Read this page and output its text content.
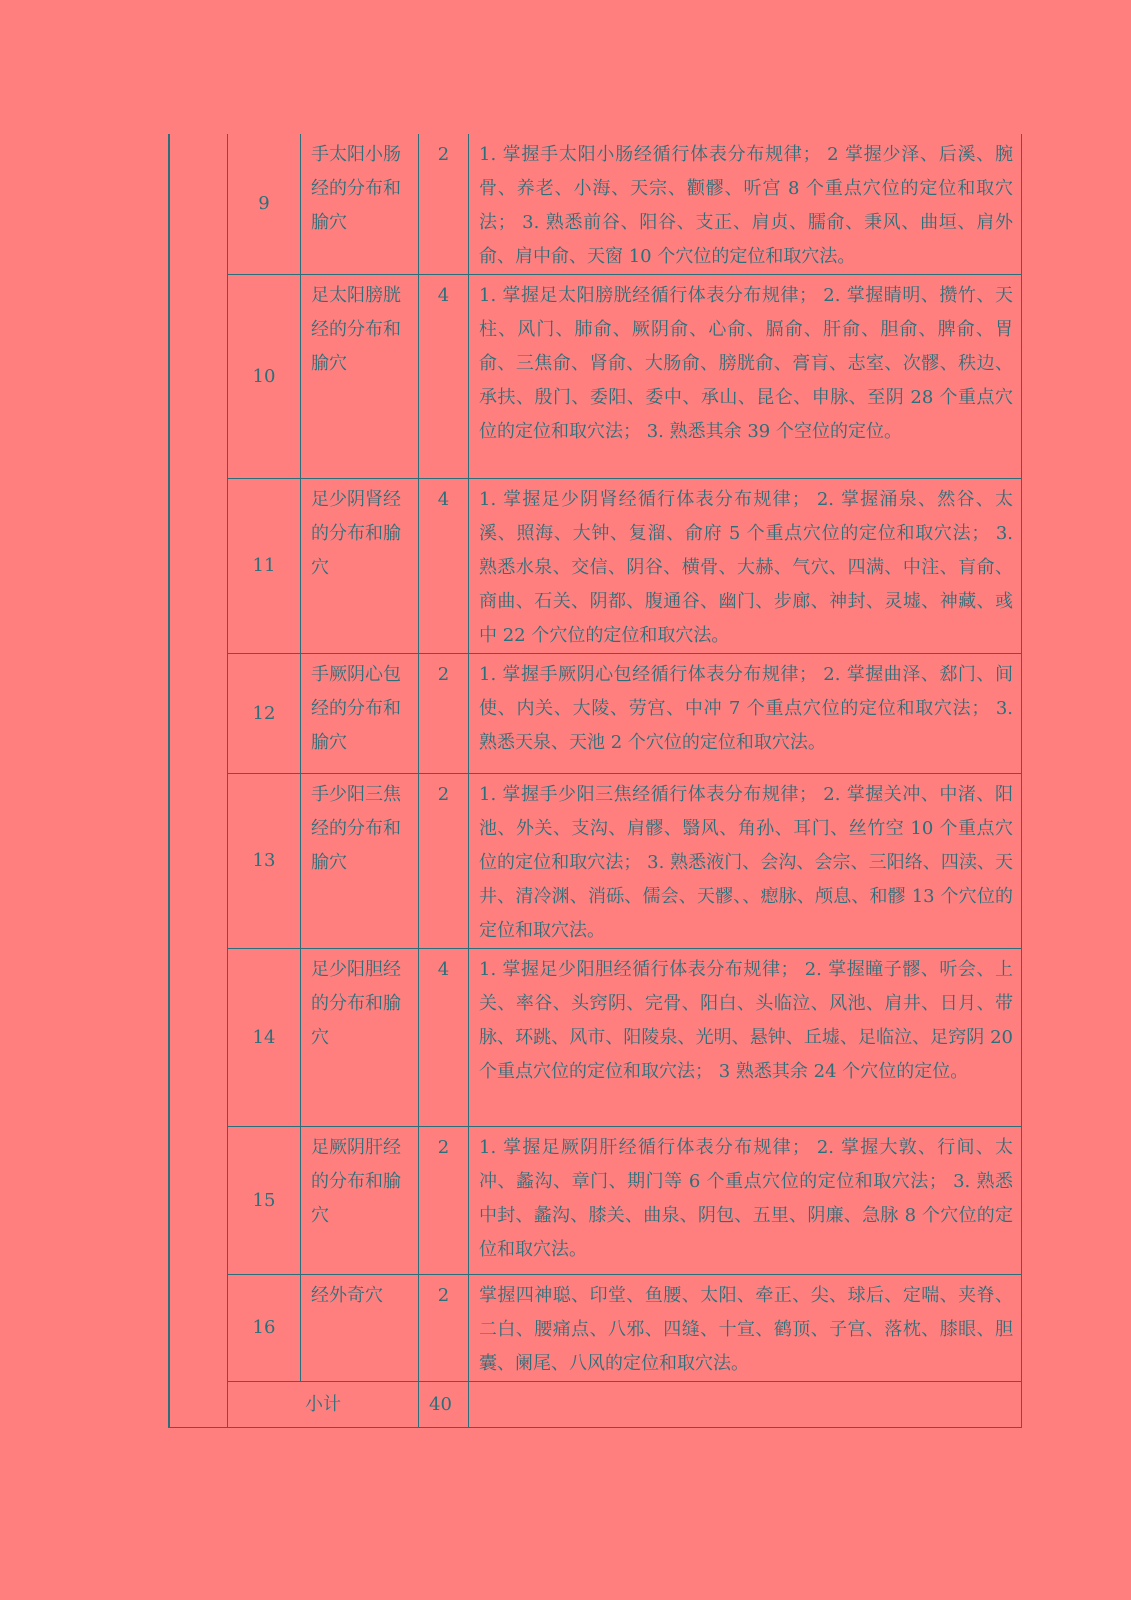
	9	手太阳小肠经的分布和腧穴	2	1. 掌握手太阳小肠经循行体表分布规律； 2 掌握少泽、后溪、腕骨、养老、小海、天宗、颧髎、听宫 8 个重点穴位的定位和取穴法； 3. 熟悉前谷、阳谷、支正、肩贞、臑俞、秉风、曲垣、肩外俞、肩中俞、天窗 10 个穴位的定位和取穴法。
	10	足太阳膀胱经的分布和腧穴	4	1. 掌握足太阳膀胱经循行体表分布规律； 2. 掌握睛明、攒竹、天柱、风门、肺俞、厥阴俞、心俞、膈俞、肝俞、胆俞、脾俞、胃俞、三焦俞、肾俞、大肠俞、膀胱俞、膏肓、志室、次髎、秩边、承扶、殷门、委阳、委中、承山、昆仑、申脉、至阴 28 个重点穴位的定位和取穴法； 3. 熟悉其余 39 个空位的定位。
	11	足少阴肾经的分布和腧穴	4	1. 掌握足少阴肾经循行体表分布规律； 2. 掌握涌泉、然谷、太溪、照海、大钟、复溜、俞府 5 个重点穴位的定位和取穴法； 3. 熟悉水泉、交信、阴谷、横骨、大赫、气穴、四满、中注、肓俞、商曲、石关、阴都、腹通谷、幽门、步廊、神封、灵墟、神藏、彧中 22 个穴位的定位和取穴法。
	12	手厥阴心包经的分布和腧穴	2	1. 掌握手厥阴心包经循行体表分布规律； 2. 掌握曲泽、郄门、间使、内关、大陵、劳宫、中冲 7 个重点穴位的定位和取穴法； 3. 熟悉天泉、天池 2 个穴位的定位和取穴法。
	13	手少阳三焦经的分布和腧穴	2	1. 掌握手少阳三焦经循行体表分布规律； 2. 掌握关冲、中渚、阳池、外关、支沟、肩髎、翳风、角孙、耳门、丝竹空 10 个重点穴位的定位和取穴法； 3. 熟悉液门、会沟、会宗、三阳络、四渎、天井、清冷渊、消砾、儒会、天髎、、瘛脉、颅息、和髎 13 个穴位的定位和取穴法。
	14	足少阳胆经的分布和腧穴	4	1. 掌握足少阳胆经循行体表分布规律； 2. 掌握瞳子髎、听会、上关、率谷、头窍阴、完骨、阳白、头临泣、风池、肩井、日月、带脉、环跳、风市、阳陵泉、光明、悬钟、丘墟、足临泣、足窍阴 20 个重点穴位的定位和取穴法； 3 熟悉其余 24 个穴位的定位。
	15	足厥阴肝经的分布和腧穴	2	1. 掌握足厥阴肝经循行体表分布规律； 2. 掌握大敦、行间、太冲、蠡沟、章门、期门等 6 个重点穴位的定位和取穴法； 3. 熟悉中封、蠡沟、膝关、曲泉、阴包、五里、阴廉、急脉 8 个穴位的定位和取穴法。
	16	经外奇穴	2	掌握四神聪、印堂、鱼腰、太阳、牵正、尖、球后、定喘、夹脊、二白、腰痛点、八邪、四缝、十宣、鹤顶、子宫、落枕、膝眼、胆囊、阑尾、八风的定位和取穴法。
	小计		40	
